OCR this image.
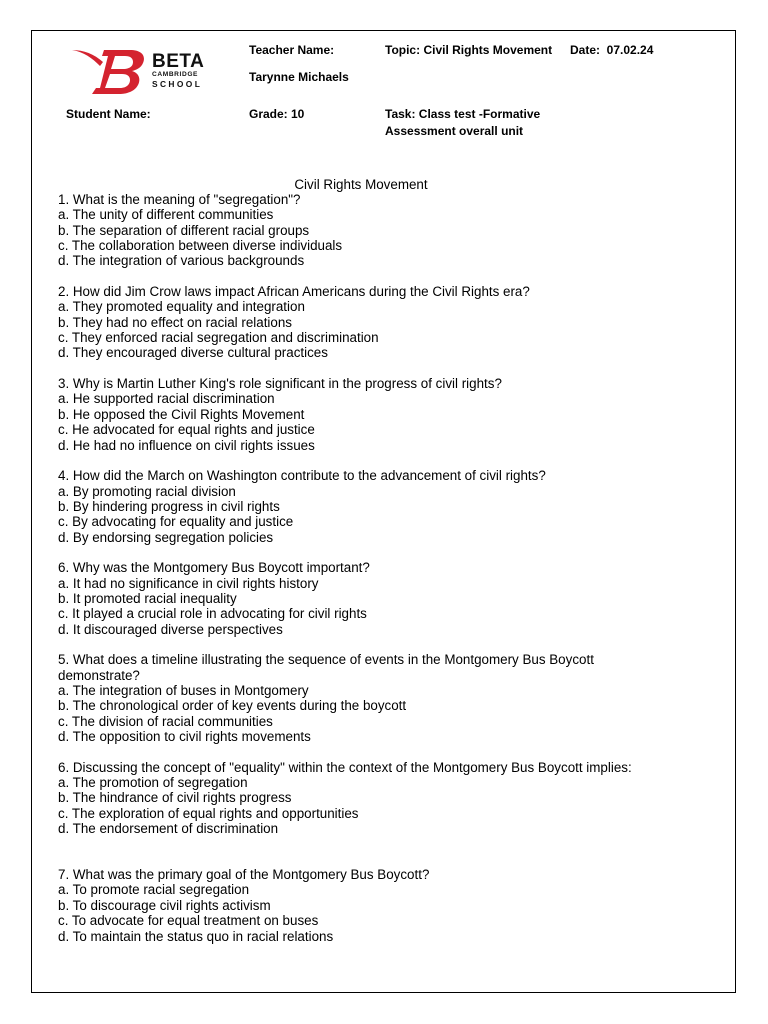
BETA
CAMBRIDGE
SCHOOL
Teacher Name:
Tarynne Michaels
Topic: Civil Rights Movement Date:  07.02.24
Student Name:	Grade: 10	Task: Class test -Formative
Assessment overall unit
Civil Rights Movement
1. What is the meaning of "segregation"?
a. The unity of different communities
b. The separation of different racial groups
c. The collaboration between diverse individuals
d. The integration of various backgrounds
2. How did Jim Crow laws impact African Americans during the Civil Rights era?
a. They promoted equality and integration
b. They had no effect on racial relations
c. They enforced racial segregation and discrimination
d. They encouraged diverse cultural practices
3. Why is Martin Luther King's role significant in the progress of civil rights?
a. He supported racial discrimination
b. He opposed the Civil Rights Movement
c. He advocated for equal rights and justice
d. He had no influence on civil rights issues
4. How did the March on Washington contribute to the advancement of civil rights?
a. By promoting racial division
b. By hindering progress in civil rights
c. By advocating for equality and justice
d. By endorsing segregation policies
6. Why was the Montgomery Bus Boycott important?
a. It had no significance in civil rights history
b. It promoted racial inequality
c. It played a crucial role in advocating for civil rights
d. It discouraged diverse perspectives
5. What does a timeline illustrating the sequence of events in the Montgomery Bus Boycott demonstrate?
a. The integration of buses in Montgomery
b. The chronological order of key events during the boycott
c. The division of racial communities
d. The opposition to civil rights movements
6. Discussing the concept of "equality" within the context of the Montgomery Bus Boycott implies:
a. The promotion of segregation
b. The hindrance of civil rights progress
c. The exploration of equal rights and opportunities
d. The endorsement of discrimination
7. What was the primary goal of the Montgomery Bus Boycott?
a. To promote racial segregation
b. To discourage civil rights activism
c. To advocate for equal treatment on buses
d. To maintain the status quo in racial relations
